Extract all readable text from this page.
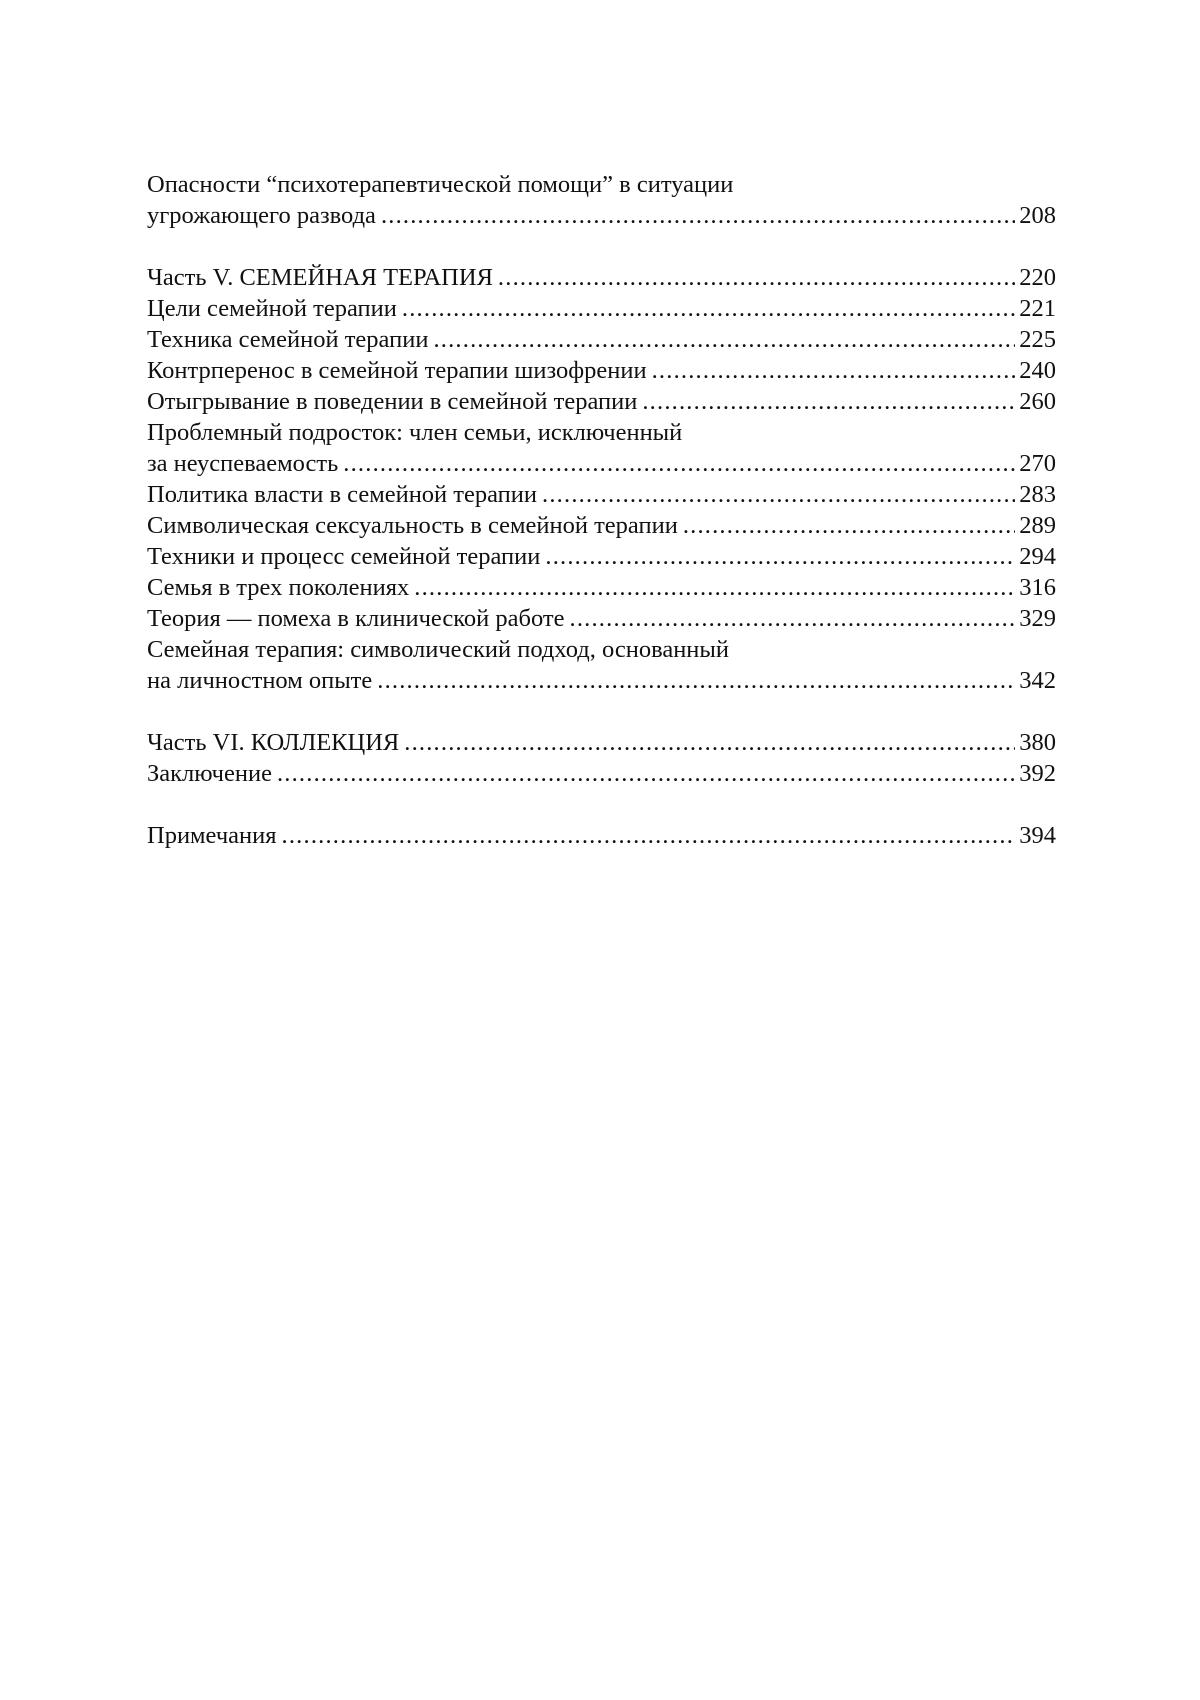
Опасности “психотерапевтической помощи” в ситуации
угрожающего развода .....	208
Часть V. СЕМЕЙНАЯ ТЕРАПИЯ .....	220
Цели семейной терапии .....	221
Техника семейной терапии .....	225
Контрперенос в семейной терапии шизофрении .....	240
Отыгрывание в поведении в семейной терапии .....	260
Проблемный подросток: член семьи, исключенный
за неуспеваемость .....	270
Политика власти в семейной терапии .....	283
Символическая сексуальность в семейной терапии .....	289
Техники и процесс семейной терапии .....	294
Семья в трех поколениях .....	316
Теория — помеха в клинической работе .....	329
Семейная терапия: символический подход, основанный
на личностном опыте .....	342
Часть VI. КОЛЛЕКЦИЯ .....	380
Заключение .....	392
Примечания .....	394
